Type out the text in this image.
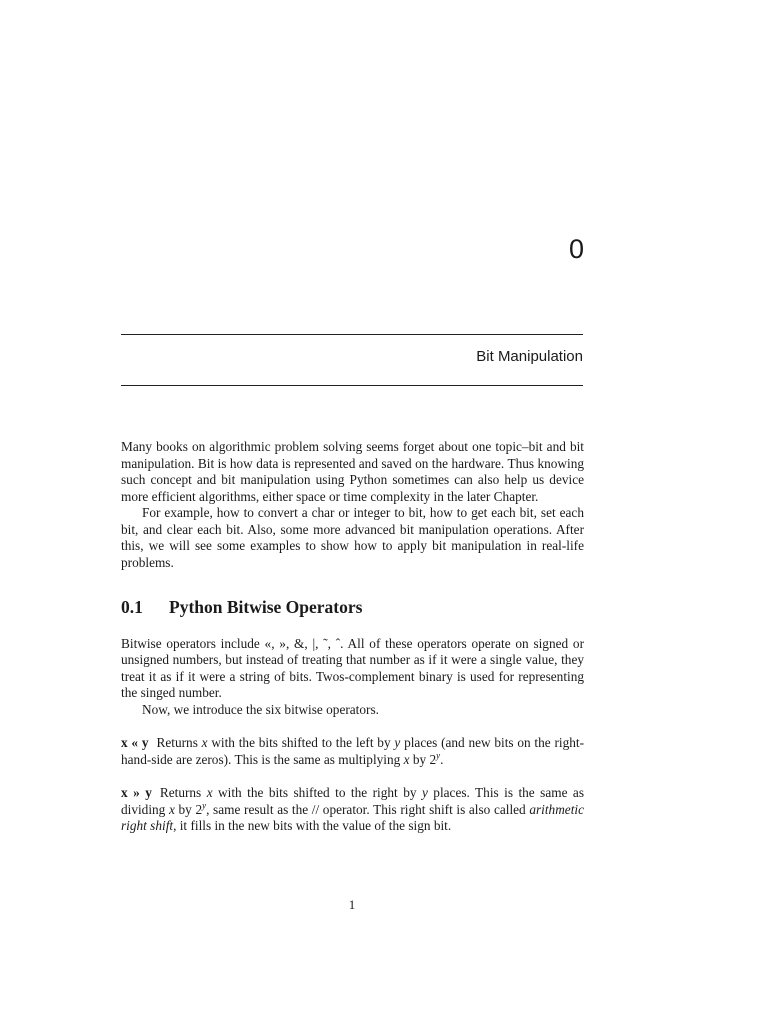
0
Bit Manipulation

Many books on algorithmic problem solving seems forget about one topic–bit and bit manipulation. Bit is how data is represented and saved on the hardware. Thus knowing such concept and bit manipulation using Python sometimes can also help us device more efficient algorithms, either space or time complexity in the later Chapter.

For example, how to convert a char or integer to bit, how to get each bit, set each bit, and clear each bit. Also, some more advanced bit manipulation operations. After this, we will see some examples to show how to apply bit manipulation in real-life problems.

0.1 Python Bitwise Operators

Bitwise operators include «, », &, |, ˜, ˆ. All of these operators operate on signed or unsigned numbers, but instead of treating that number as if it were a single value, they treat it as if it were a string of bits. Twos-complement binary is used for representing the singed number.

Now, we introduce the six bitwise operators.

x « y Returns x with the bits shifted to the left by y places (and new bits on the right-hand-side are zeros). This is the same as multiplying x by 2$^y$.

x » y Returns x with the bits shifted to the right by y places. This is the same as dividing x by 2$^y$, same result as the // operator. This right shift is also called arithmetic right shift, it fills in the new bits with the value of the sign bit.

1
